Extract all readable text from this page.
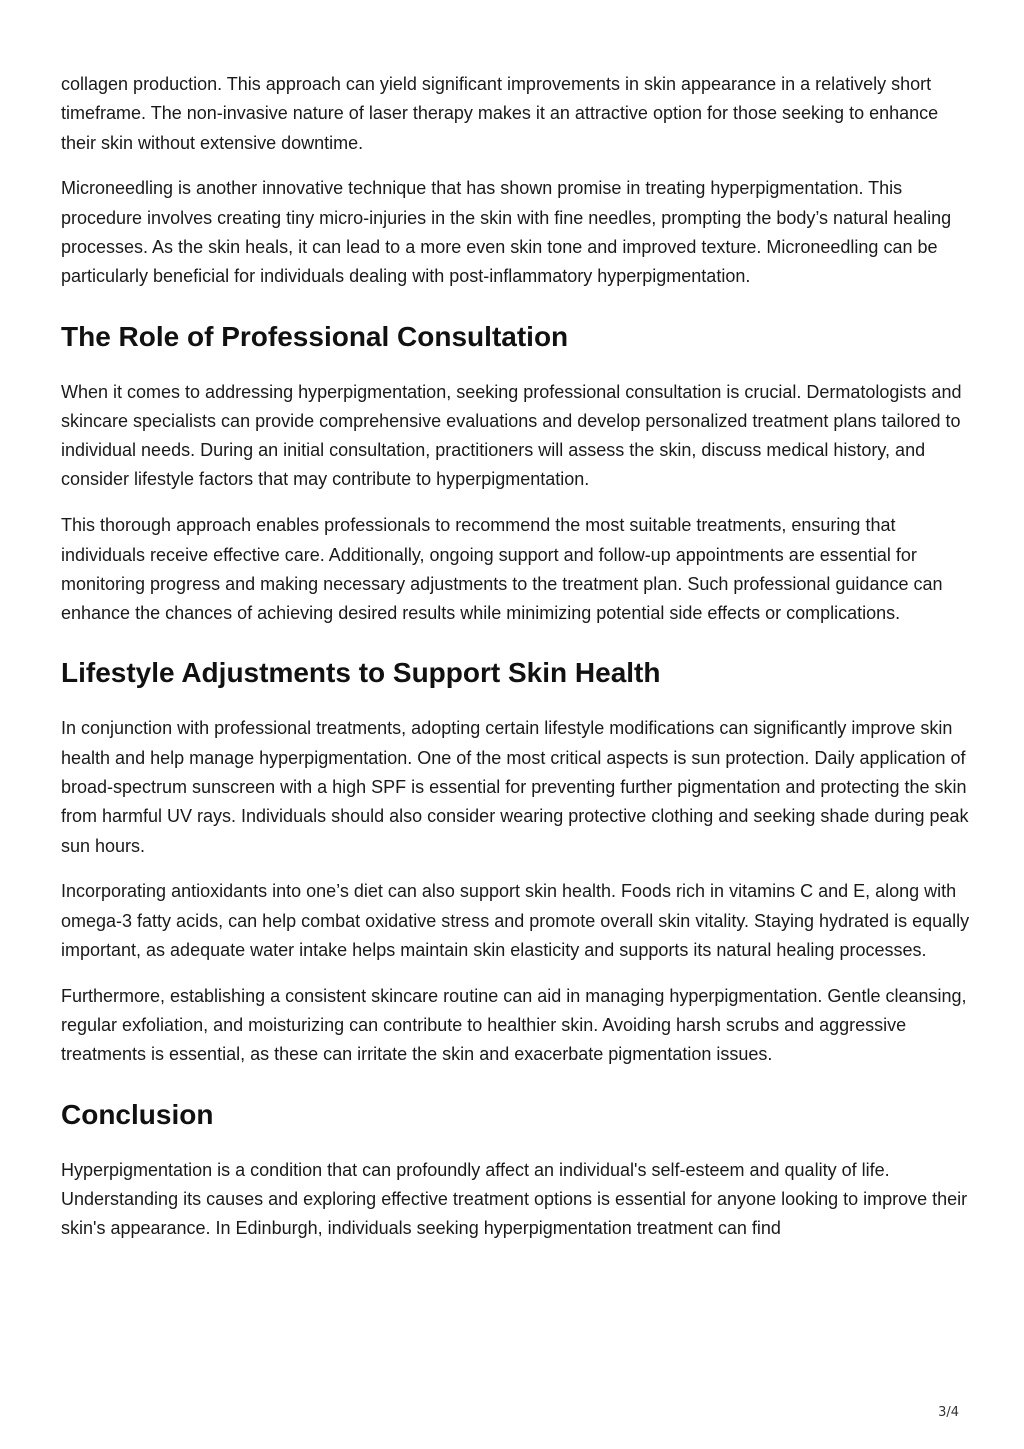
collagen production. This approach can yield significant improvements in skin appearance in a relatively short timeframe. The non-invasive nature of laser therapy makes it an attractive option for those seeking to enhance their skin without extensive downtime.

Microneedling is another innovative technique that has shown promise in treating hyperpigmentation. This procedure involves creating tiny micro-injuries in the skin with fine needles, prompting the body’s natural healing processes. As the skin heals, it can lead to a more even skin tone and improved texture. Microneedling can be particularly beneficial for individuals dealing with post-inflammatory hyperpigmentation.

The Role of Professional Consultation

When it comes to addressing hyperpigmentation, seeking professional consultation is crucial. Dermatologists and skincare specialists can provide comprehensive evaluations and develop personalized treatment plans tailored to individual needs. During an initial consultation, practitioners will assess the skin, discuss medical history, and consider lifestyle factors that may contribute to hyperpigmentation.

This thorough approach enables professionals to recommend the most suitable treatments, ensuring that individuals receive effective care. Additionally, ongoing support and follow-up appointments are essential for monitoring progress and making necessary adjustments to the treatment plan. Such professional guidance can enhance the chances of achieving desired results while minimizing potential side effects or complications.

Lifestyle Adjustments to Support Skin Health

In conjunction with professional treatments, adopting certain lifestyle modifications can significantly improve skin health and help manage hyperpigmentation. One of the most critical aspects is sun protection. Daily application of broad-spectrum sunscreen with a high SPF is essential for preventing further pigmentation and protecting the skin from harmful UV rays. Individuals should also consider wearing protective clothing and seeking shade during peak sun hours.

Incorporating antioxidants into one’s diet can also support skin health. Foods rich in vitamins C and E, along with omega-3 fatty acids, can help combat oxidative stress and promote overall skin vitality. Staying hydrated is equally important, as adequate water intake helps maintain skin elasticity and supports its natural healing processes.

Furthermore, establishing a consistent skincare routine can aid in managing hyperpigmentation. Gentle cleansing, regular exfoliation, and moisturizing can contribute to healthier skin. Avoiding harsh scrubs and aggressive treatments is essential, as these can irritate the skin and exacerbate pigmentation issues.

Conclusion

Hyperpigmentation is a condition that can profoundly affect an individual's self-esteem and quality of life. Understanding its causes and exploring effective treatment options is essential for anyone looking to improve their skin's appearance. In Edinburgh, individuals seeking hyperpigmentation treatment can find

3/4
